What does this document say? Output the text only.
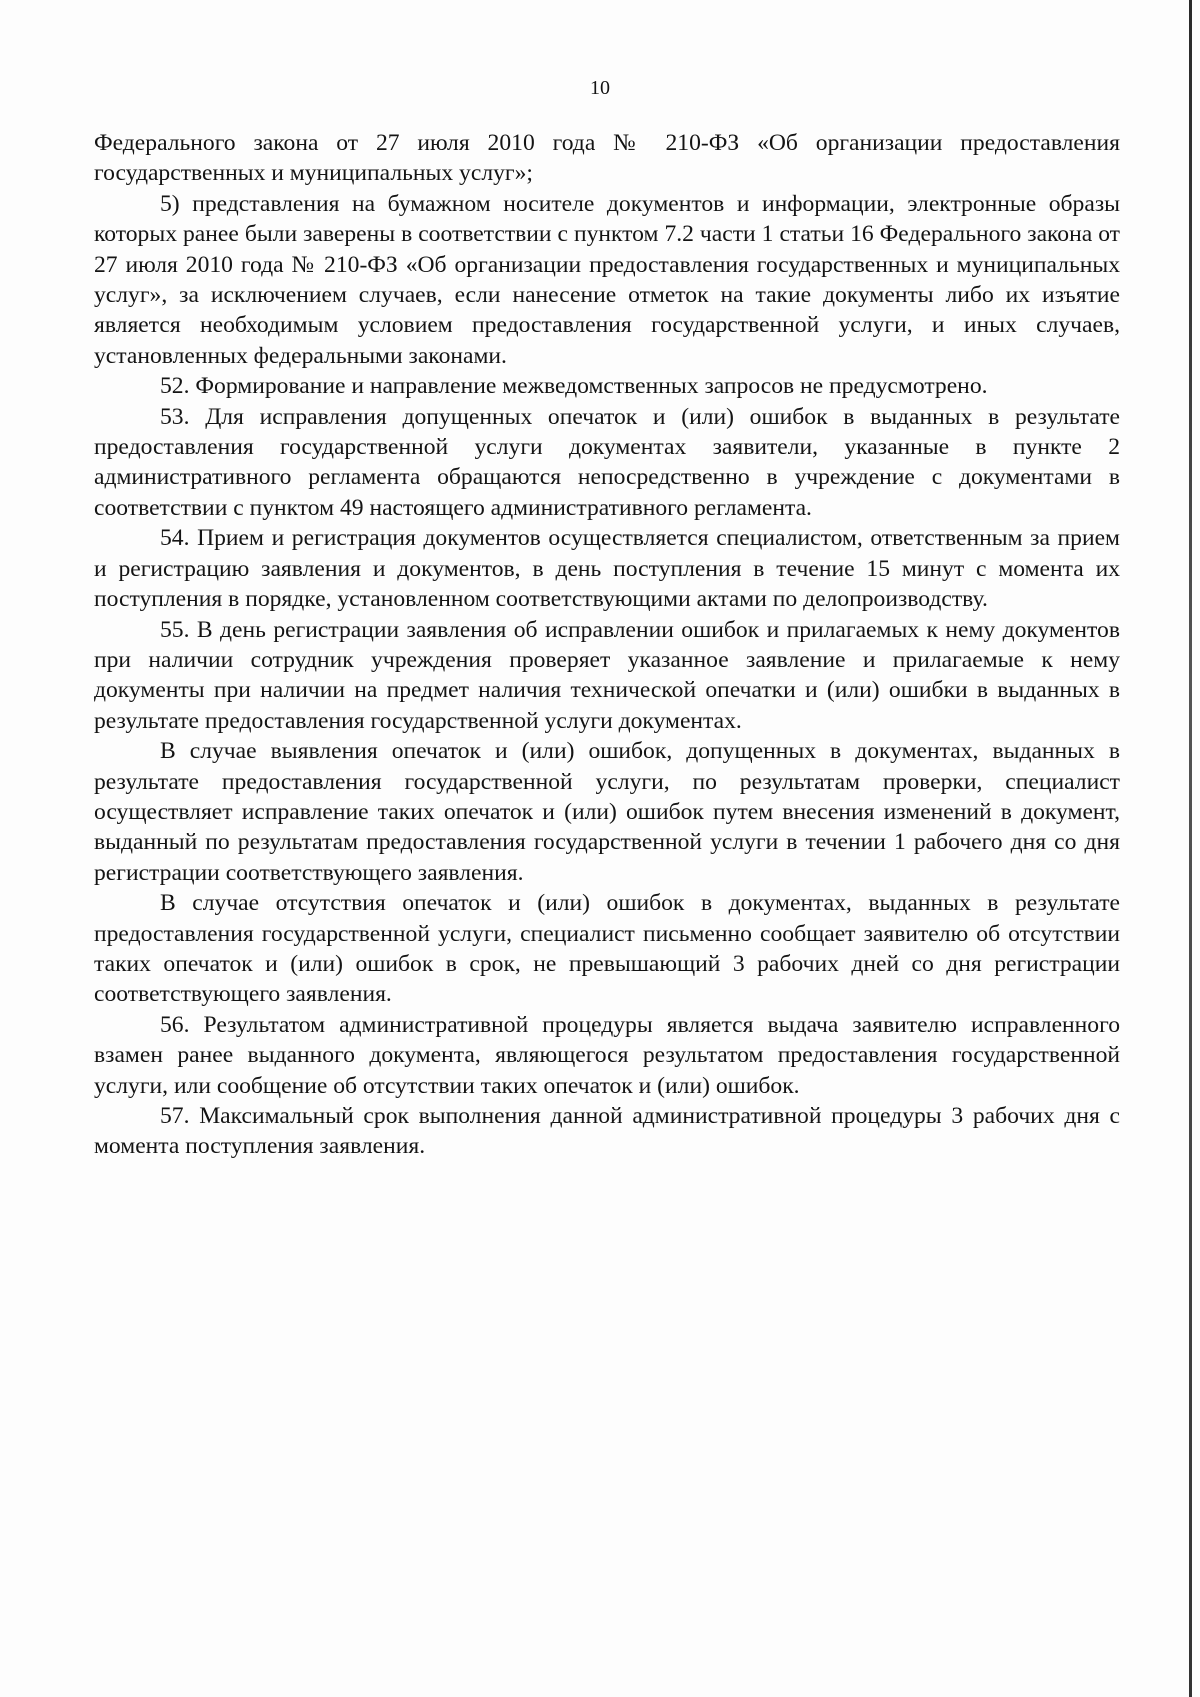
10

Федерального закона от 27 июля 2010 года № 210-ФЗ «Об организации предоставления государственных и муниципальных услуг»;

5) представления на бумажном носителе документов и информации, электронные образы которых ранее были заверены в соответствии с пунктом 7.2 части 1 статьи 16 Федерального закона от 27 июля 2010 года № 210-ФЗ «Об организации предоставления государственных и муниципальных услуг», за исключением случаев, если нанесение отметок на такие документы либо их изъятие является необходимым условием предоставления государственной услуги, и иных случаев, установленных федеральными законами.

52. Формирование и направление межведомственных запросов не предусмотрено.

53. Для исправления допущенных опечаток и (или) ошибок в выданных в результате предоставления государственной услуги документах заявители, указанные в пункте 2 административного регламента обращаются непосредственно в учреждение с документами в соответствии с пунктом 49 настоящего административного регламента.

54. Прием и регистрация документов осуществляется специалистом, ответственным за прием и регистрацию заявления и документов, в день поступления в течение 15 минут с момента их поступления в порядке, установленном соответствующими актами по делопроизводству.

55. В день регистрации заявления об исправлении ошибок и прилагаемых к нему документов при наличии сотрудник учреждения проверяет указанное заявление и прилагаемые к нему документы при наличии на предмет наличия технической опечатки и (или) ошибки в выданных в результате предоставления государственной услуги документах.

В случае выявления опечаток и (или) ошибок, допущенных в документах, выданных в результате предоставления государственной услуги, по результатам проверки, специалист осуществляет исправление таких опечаток и (или) ошибок путем внесения изменений в документ, выданный по результатам предоставления государственной услуги в течении 1 рабочего дня со дня регистрации соответствующего заявления.

В случае отсутствия опечаток и (или) ошибок в документах, выданных в результате предоставления государственной услуги, специалист письменно сообщает заявителю об отсутствии таких опечаток и (или) ошибок в срок, не превышающий 3 рабочих дней со дня регистрации соответствующего заявления.

56. Результатом административной процедуры является выдача заявителю исправленного взамен ранее выданного документа, являющегося результатом предоставления государственной услуги, или сообщение об отсутствии таких опечаток и (или) ошибок.

57. Максимальный срок выполнения данной административной процедуры 3 рабочих дня с момента поступления заявления.
